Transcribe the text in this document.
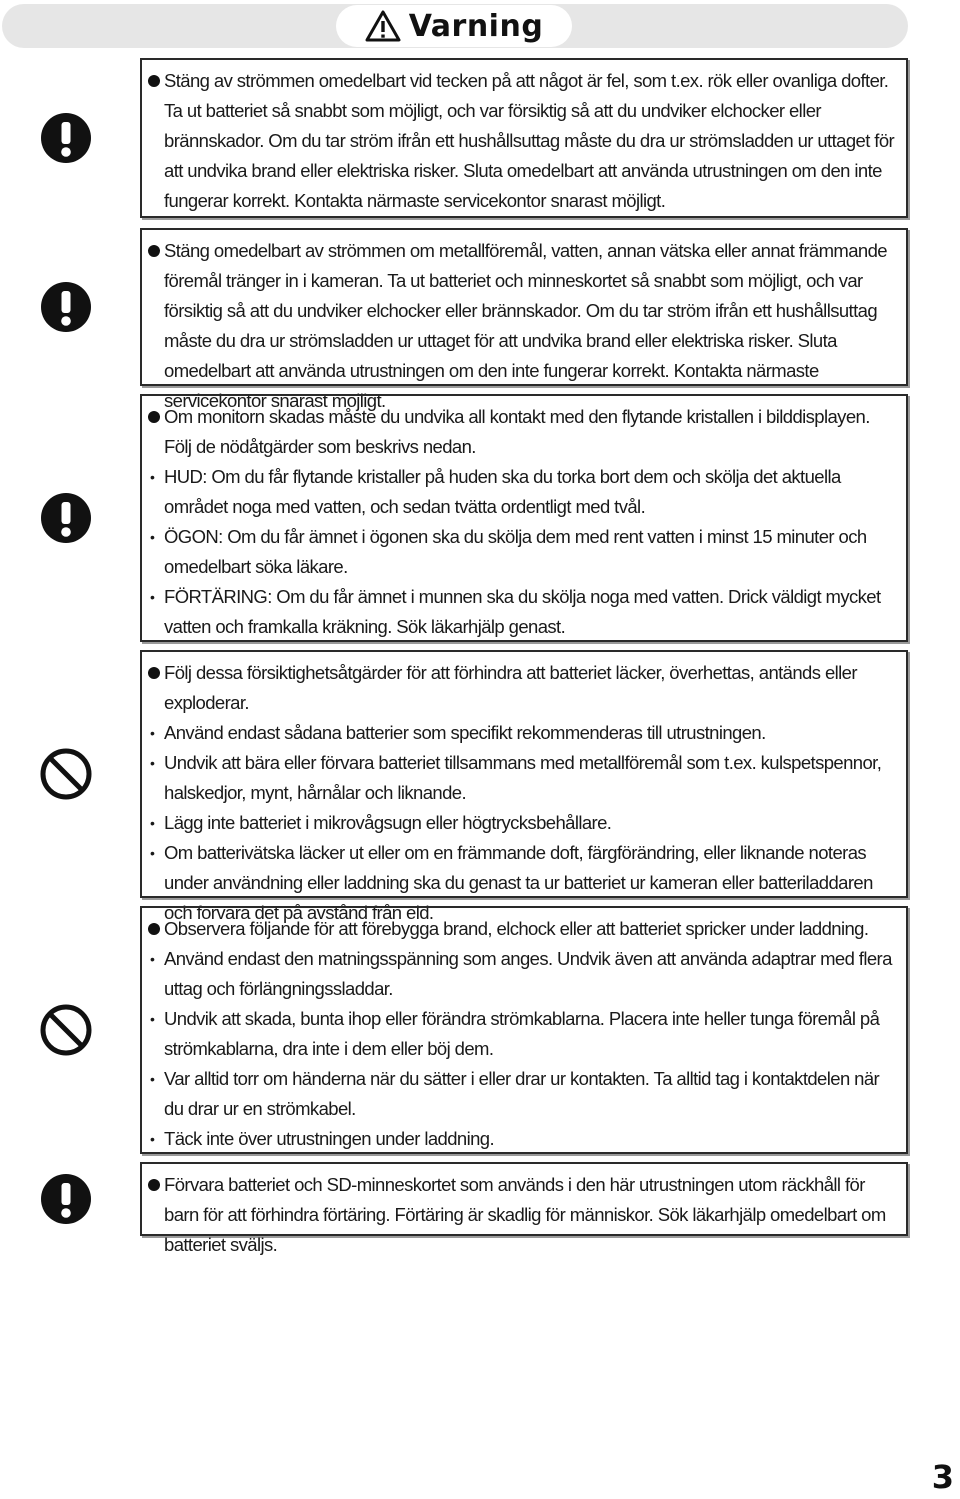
Varning

Stäng av strömmen omedelbart vid tecken på att något är fel, som t.ex. rök eller ovanliga dofter. Ta ut batteriet så snabbt som möjligt, och var försiktig så att du undviker elchocker eller brännskador. Om du tar ström ifrån ett hushållsuttag måste du dra ur strömsladden ur uttaget för att undvika brand eller elektriska risker. Sluta omedelbart att använda utrustningen om den inte fungerar korrekt. Kontakta närmaste servicekontor snarast möjligt.

Stäng omedelbart av strömmen om metallföremål, vatten, annan vätska eller annat främmande föremål tränger in i kameran. Ta ut batteriet och minneskortet så snabbt som möjligt, och var försiktig så att du undviker elchocker eller brännskador. Om du tar ström ifrån ett hushållsuttag måste du dra ur strömsladden ur uttaget för att undvika brand eller elektriska risker. Sluta omedelbart att använda utrustningen om den inte fungerar korrekt. Kontakta närmaste servicekontor snarast möjligt.

Om monitorn skadas måste du undvika all kontakt med den flytande kristallen i bilddisplayen. Följ de nödåtgärder som beskrivs nedan.

• HUD: Om du får flytande kristaller på huden ska du torka bort dem och skölja det aktuella området noga med vatten, och sedan tvätta ordentligt med tvål.

• ÖGON: Om du får ämnet i ögonen ska du skölja dem med rent vatten i minst 15 minuter och omedelbart söka läkare.

• FÖRTÄRING: Om du får ämnet i munnen ska du skölja noga med vatten. Drick väldigt mycket vatten och framkalla kräkning. Sök läkarhjälp genast.

Följ dessa försiktighetsåtgärder för att förhindra att batteriet läcker, överhettas, antänds eller exploderar.

• Använd endast sådana batterier som specifikt rekommenderas till utrustningen.

• Undvik att bära eller förvara batteriet tillsammans med metallföremål som t.ex. kulspetspennor, halskedjor, mynt, hårnålar och liknande.

• Lägg inte batteriet i mikrovågsugn eller högtrycksbehållare.

• Om batterivätska läcker ut eller om en främmande doft, färgförändring, eller liknande noteras under användning eller laddning ska du genast ta ur batteriet ur kameran eller batteriladdaren och förvara det på avstånd från eld.

Observera följande för att förebygga brand, elchock eller att batteriet spricker under laddning.

• Använd endast den matningsspänning som anges. Undvik även att använda adaptrar med flera uttag och förlängningssladdar.

• Undvik att skada, bunta ihop eller förändra strömkablarna. Placera inte heller tunga föremål på strömkablarna, dra inte i dem eller böj dem.

• Var alltid torr om händerna när du sätter i eller drar ur kontakten. Ta alltid tag i kontaktdelen när du drar ur en strömkabel.

• Täck inte över utrustningen under laddning.

Förvara batteriet och SD-minneskortet som används i den här utrustningen utom räckhåll för barn för att förhindra förtäring. Förtäring är skadlig för människor. Sök läkarhjälp omedelbart om batteriet sväljs.

3
